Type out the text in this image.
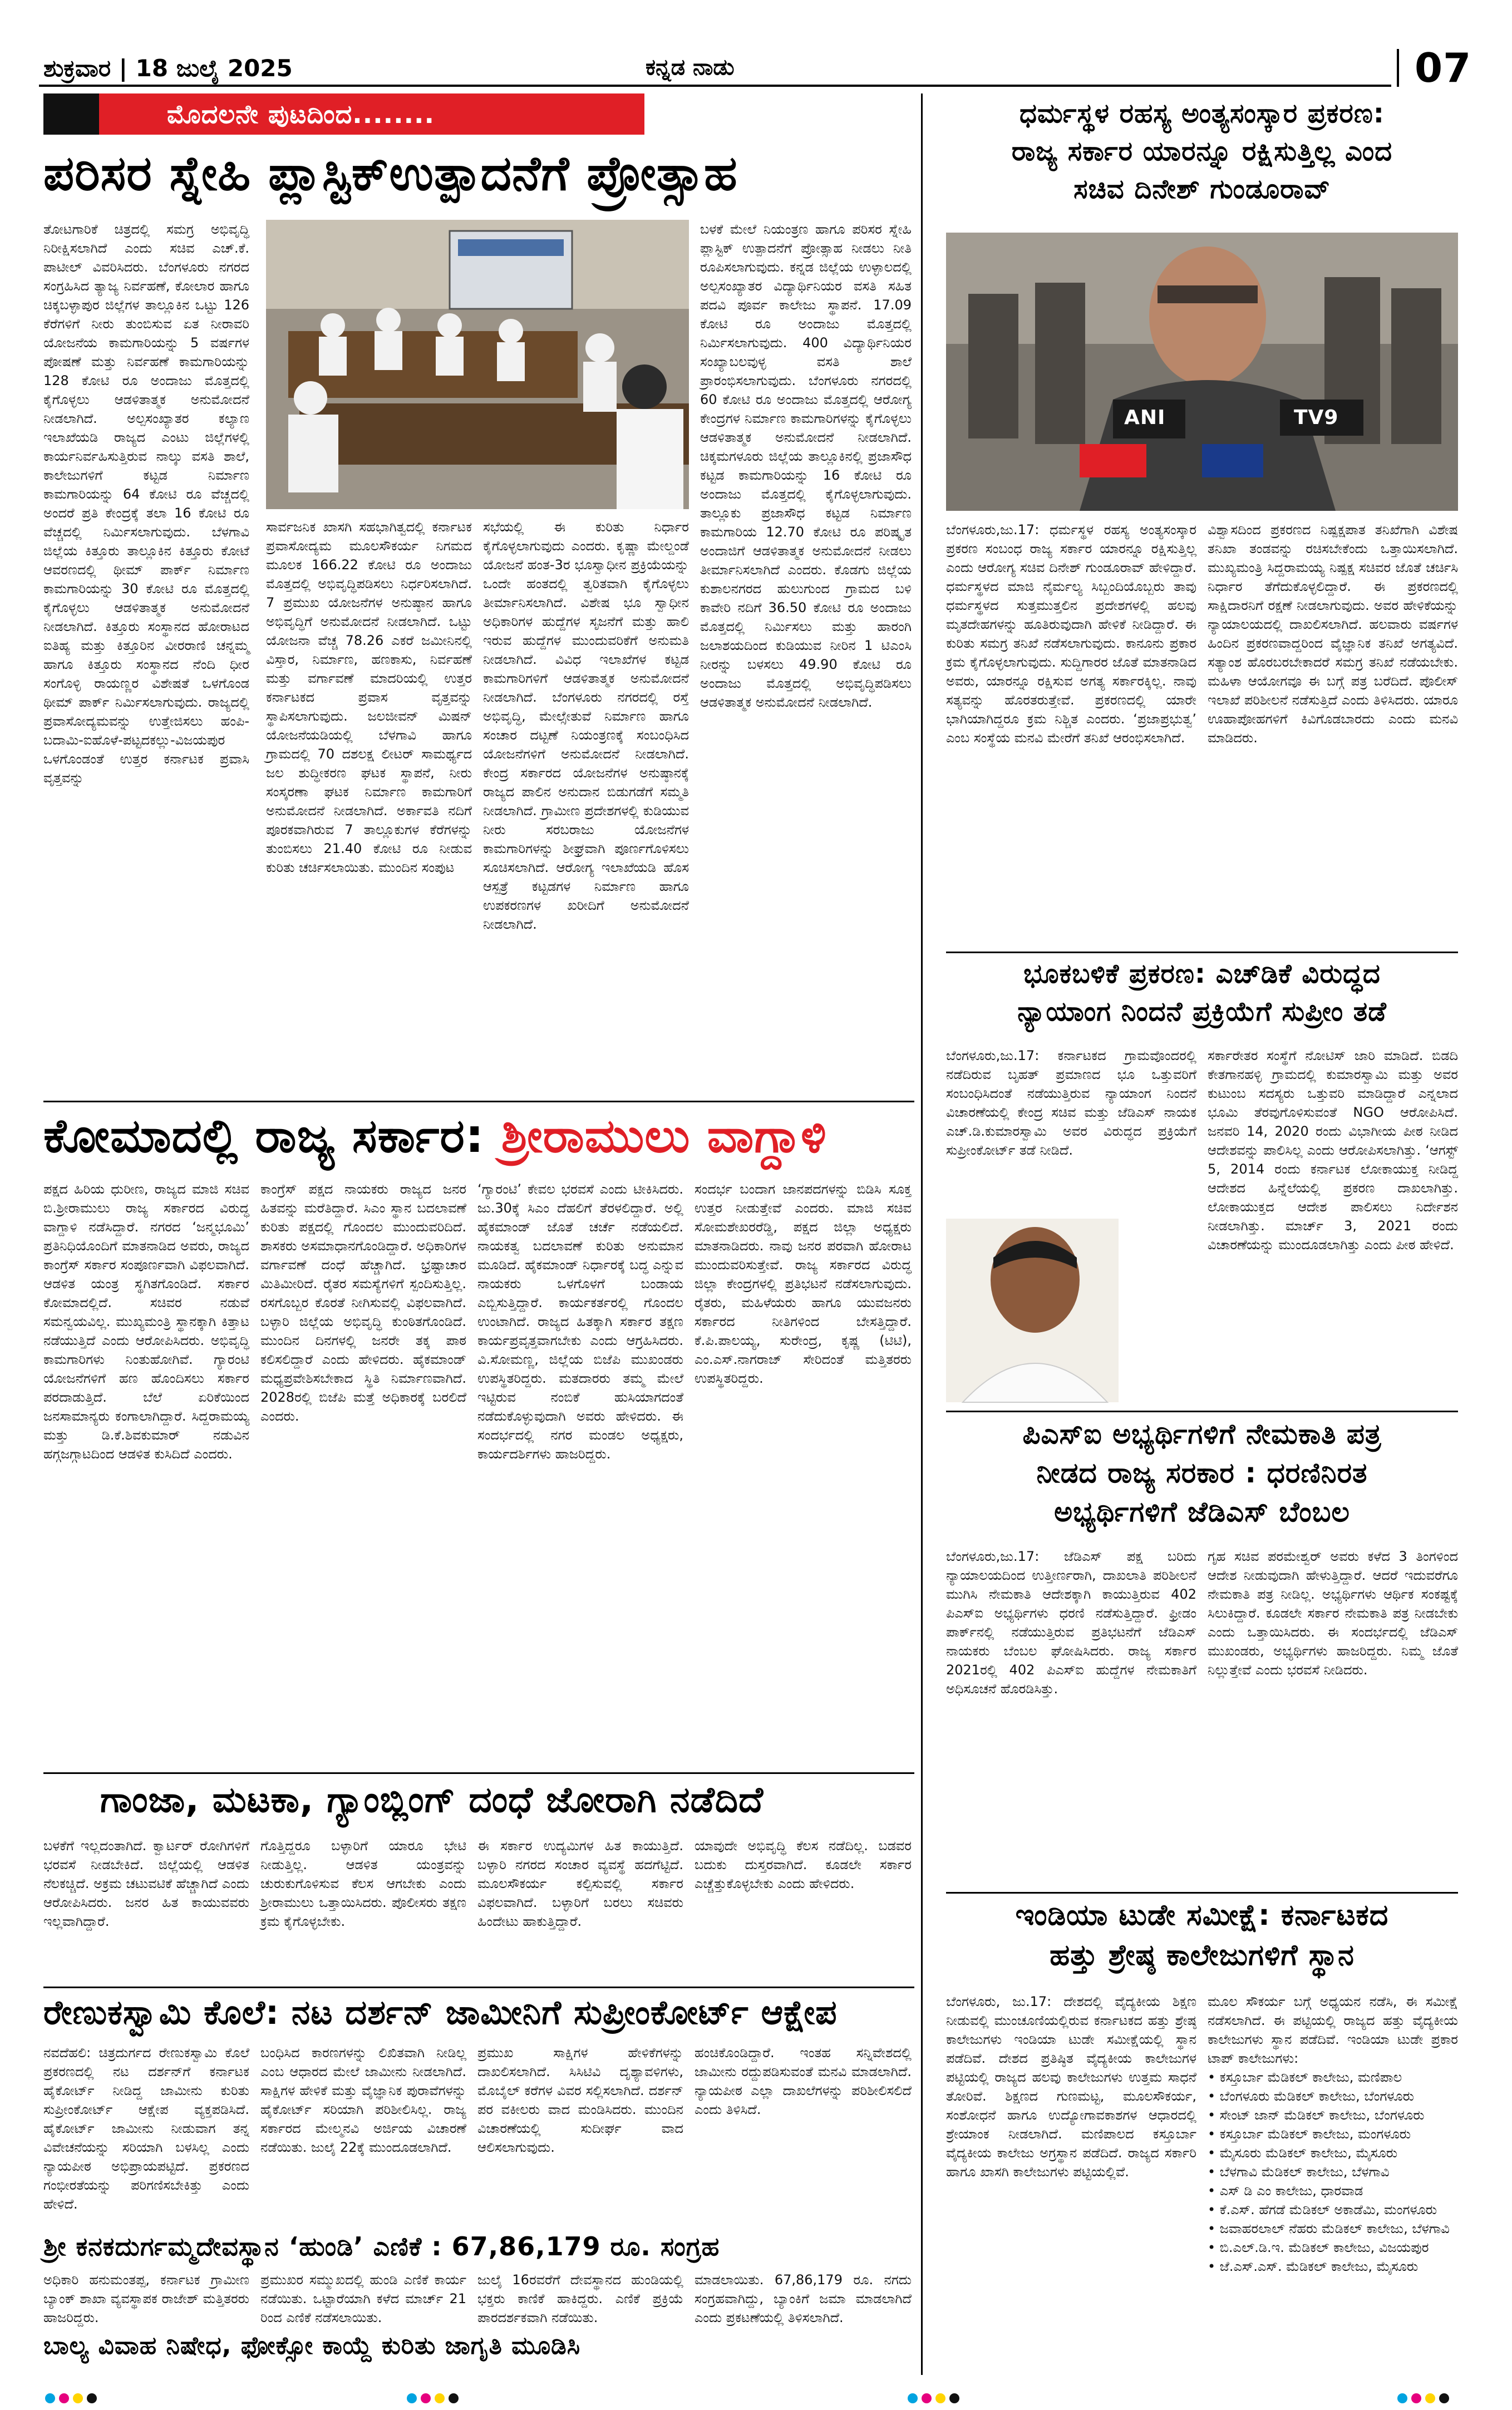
ಶುಕ್ರವಾರ | 18 ಜುಲೈ 2025	ಕನ್ನಡ ನಾಡು	07
ಮೊದಲನೇ ಪುಟದಿಂದ........
ಪರಿಸರ ಸ್ನೇಹಿ ಪ್ಲಾಸ್ಟಿಕ್‌ಉತ್ಪಾದನೆಗೆ ಪ್ರೋತ್ಸಾಹ
ತೋಟಗಾರಿಕೆ ಚಿತ್ರದಲ್ಲಿ ಸಮಗ್ರ ಅಭಿವೃದ್ಧಿ ನಿರೀಕ್ಷಿಸಲಾಗಿದೆ ಎಂದು ಸಚಿವ ಎಚ್.ಕೆ. ಪಾಟೀಲ್ ವಿವರಿಸಿದರು. ಬೆಂಗಳೂರು ನಗರದ ಸಂಗ್ರಹಿಸಿದ ತ್ಯಾಜ್ಯ ನಿರ್ವಹಣೆ, ಕೋಲಾರ ಹಾಗೂ ಚಿಕ್ಕಬಳ್ಳಾಪುರ ಜಿಲ್ಲೆಗಳ ತಾಲ್ಲೂಕಿನ ಒಟ್ಟು 126 ಕೆರೆಗಳಿಗೆ ನೀರು ತುಂಬಿಸುವ ಏತ ನೀರಾವರಿ ಯೋಜನೆಯ ಕಾಮಗಾರಿಯನ್ನು 5 ವರ್ಷಗಳ ಪೋಷಣೆ ಮತ್ತು ನಿರ್ವಹಣೆ ಕಾಮಗಾರಿಯನ್ನು 128 ಕೋಟಿ ರೂ ಅಂದಾಜು ಮೊತ್ತದಲ್ಲಿ ಕೈಗೊಳ್ಳಲು ಆಡಳಿತಾತ್ಮಕ ಅನುಮೋದನೆ ನೀಡಲಾಗಿದೆ. ಅಲ್ಪಸಂಖ್ಯಾತರ ಕಲ್ಯಾಣ ಇಲಾಖೆಯಡಿ ರಾಜ್ಯದ ಎಂಟು ಜಿಲ್ಲೆಗಳಲ್ಲಿ ಕಾರ್ಯನಿರ್ವಹಿಸುತ್ತಿರುವ ನಾಲ್ಕು ವಸತಿ ಶಾಲೆ, ಕಾಲೇಜುಗಳಿಗೆ ಕಟ್ಟಡ ನಿರ್ಮಾಣ ಕಾಮಗಾರಿಯನ್ನು 64 ಕೋಟಿ ರೂ ವೆಚ್ಚದಲ್ಲಿ ಅಂದರೆ ಪ್ರತಿ ಕೇಂದ್ರಕ್ಕೆ ತಲಾ 16 ಕೋಟಿ ರೂ ವೆಚ್ಚದಲ್ಲಿ ನಿರ್ಮಿಸಲಾಗುವುದು. ಬೆಳಗಾವಿ ಜಿಲ್ಲೆಯ ಕಿತ್ತೂರು ತಾಲ್ಲೂಕಿನ ಕಿತ್ತೂರು ಕೋಟೆ ಆವರಣದಲ್ಲಿ ಥೀಮ್ ಪಾರ್ಕ್ ನಿರ್ಮಾಣ ಕಾಮಗಾರಿಯನ್ನು 30 ಕೋಟಿ ರೂ ಮೊತ್ತದಲ್ಲಿ ಕೈಗೊಳ್ಳಲು ಆಡಳಿತಾತ್ಮಕ ಅನುಮೋದನೆ ನೀಡಲಾಗಿದೆ. ಕಿತ್ತೂರು ಸಂಸ್ಥಾನದ ಹೋರಾಟದ ಐತಿಹ್ಯ ಮತ್ತು ಕಿತ್ತೂರಿನ ವೀರರಾಣಿ ಚನ್ನಮ್ಮ ಹಾಗೂ ಕಿತ್ತೂರು ಸಂಸ್ಥಾನದ ನೆಂದಿ ಧೀರ ಸಂಗೊಳ್ಳಿ ರಾಯಣ್ಣರ ವಿಶೇಷತೆ ಒಳಗೊಂಡ ಥೀಮ್ ಪಾರ್ಕ್ ನಿರ್ಮಿಸಲಾಗುವುದು. ರಾಜ್ಯದಲ್ಲಿ ಪ್ರವಾಸೋದ್ಯಮವನ್ನು ಉತ್ತೇಜಿಸಲು ಹಂಪಿ-ಬದಾಮಿ-ಐಹೊಳೆ-ಪಟ್ಟದಕಲ್ಲು-ವಿಜಯಪುರ ಒಳಗೊಂಡಂತೆ ಉತ್ತರ ಕರ್ನಾಟಕ ಪ್ರವಾಸಿ ವೃತ್ತವನ್ನು
ಸಾರ್ವಜನಿಕ ಖಾಸಗಿ ಸಹಭಾಗಿತ್ವದಲ್ಲಿ ಕರ್ನಾಟಕ ಪ್ರವಾಸೋದ್ಯಮ ಮೂಲಸೌಕರ್ಯ ನಿಗಮದ ಮೂಲಕ 166.22 ಕೋಟಿ ರೂ ಅಂದಾಜು ಮೊತ್ತದಲ್ಲಿ ಅಭಿವೃದ್ಧಿಪಡಿಸಲು ನಿರ್ಧರಿಸಲಾಗಿದೆ. 7 ಪ್ರಮುಖ ಯೋಜನೆಗಳ ಅನುಷ್ಠಾನ ಹಾಗೂ ಅಭಿವೃದ್ಧಿಗೆ ಅನುಮೋದನೆ ನೀಡಲಾಗಿದೆ. ಒಟ್ಟು ಯೋಜನಾ ವೆಚ್ಚ 78.26 ಎಕರೆ ಜಮೀನಿನಲ್ಲಿ ವಿಸ್ತಾರ, ನಿರ್ಮಾಣ, ಹಣಕಾಸು, ನಿರ್ವಹಣೆ ಮತ್ತು ವರ್ಗಾವಣೆ ಮಾದರಿಯಲ್ಲಿ ಉತ್ತರ ಕರ್ನಾಟಕದ ಪ್ರವಾಸ ವೃತ್ತವನ್ನು ಸ್ಥಾಪಿಸಲಾಗುವುದು. ಜಲಜೀವನ್ ಮಿಷನ್ ಯೋಜನೆಯಡಿಯಲ್ಲಿ ಬೆಳಗಾವಿ ಹಾಗೂ ಗ್ರಾಮದಲ್ಲಿ 70 ದಶಲಕ್ಷ ಲೀಟರ್ ಸಾಮರ್ಥ್ಯದ ಜಲ ಶುದ್ಧೀಕರಣ ಘಟಕ ಸ್ಥಾಪನೆ, ನೀರು ಸಂಸ್ಕರಣಾ ಘಟಕ ನಿರ್ಮಾಣ ಕಾಮಗಾರಿಗೆ ಅನುಮೋದನೆ ನೀಡಲಾಗಿದೆ. ಅರ್ಕಾವತಿ ನದಿಗೆ ಪೂರಕವಾಗಿರುವ 7 ತಾಲ್ಲೂಕುಗಳ ಕೆರೆಗಳನ್ನು ತುಂಬಿಸಲು 21.40 ಕೋಟಿ ರೂ ನೀಡುವ ಕುರಿತು ಚರ್ಚಿಸಲಾಯಿತು. ಮುಂದಿನ ಸಂಪುಟ
ಸಭೆಯಲ್ಲಿ ಈ ಕುರಿತು ನಿರ್ಧಾರ ಕೈಗೊಳ್ಳಲಾಗುವುದು ಎಂದರು. ಕೃಷ್ಣಾ ಮೇಲ್ದಂಡೆ ಯೋಜನೆ ಹಂತ-3ರ ಭೂಸ್ವಾಧೀನ ಪ್ರಕ್ರಿಯೆಯನ್ನು ಒಂದೇ ಹಂತದಲ್ಲಿ ತ್ವರಿತವಾಗಿ ಕೈಗೊಳ್ಳಲು ತೀರ್ಮಾನಿಸಲಾಗಿದೆ. ವಿಶೇಷ ಭೂ ಸ್ವಾಧೀನ ಅಧಿಕಾರಿಗಳ ಹುದ್ದೆಗಳ ಸೃಜನೆಗೆ ಮತ್ತು ಹಾಲಿ ಇರುವ ಹುದ್ದೆಗಳ ಮುಂದುವರಿಕೆಗೆ ಅನುಮತಿ ನೀಡಲಾಗಿದೆ. ವಿವಿಧ ಇಲಾಖೆಗಳ ಕಟ್ಟಡ ಕಾಮಗಾರಿಗಳಿಗೆ ಆಡಳಿತಾತ್ಮಕ ಅನುಮೋದನೆ ನೀಡಲಾಗಿದೆ. ಬೆಂಗಳೂರು ನಗರದಲ್ಲಿ ರಸ್ತೆ ಅಭಿವೃದ್ಧಿ, ಮೇಲ್ಸೇತುವೆ ನಿರ್ಮಾಣ ಹಾಗೂ ಸಂಚಾರ ದಟ್ಟಣೆ ನಿಯಂತ್ರಣಕ್ಕೆ ಸಂಬಂಧಿಸಿದ ಯೋಜನೆಗಳಿಗೆ ಅನುಮೋದನೆ ನೀಡಲಾಗಿದೆ. ಕೇಂದ್ರ ಸರ್ಕಾರದ ಯೋಜನೆಗಳ ಅನುಷ್ಠಾನಕ್ಕೆ ರಾಜ್ಯದ ಪಾಲಿನ ಅನುದಾನ ಬಿಡುಗಡೆಗೆ ಸಮ್ಮತಿ ನೀಡಲಾಗಿದೆ. ಗ್ರಾಮೀಣ ಪ್ರದೇಶಗಳಲ್ಲಿ ಕುಡಿಯುವ ನೀರು ಸರಬರಾಜು ಯೋಜನೆಗಳ ಕಾಮಗಾರಿಗಳನ್ನು ಶೀಘ್ರವಾಗಿ ಪೂರ್ಣಗೊಳಿಸಲು ಸೂಚಿಸಲಾಗಿದೆ. ಆರೋಗ್ಯ ಇಲಾಖೆಯಡಿ ಹೊಸ ಆಸ್ಪತ್ರೆ ಕಟ್ಟಡಗಳ ನಿರ್ಮಾಣ ಹಾಗೂ ಉಪಕರಣಗಳ ಖರೀದಿಗೆ ಅನುಮೋದನೆ ನೀಡಲಾಗಿದೆ.
ಬಳಕೆ ಮೇಲೆ ನಿಯಂತ್ರಣ ಹಾಗೂ ಪರಿಸರ ಸ್ನೇಹಿ ಪ್ಲಾಸ್ಟಿಕ್ ಉತ್ಪಾದನೆಗೆ ಪ್ರೋತ್ಸಾಹ ನೀಡಲು ನೀತಿ ರೂಪಿಸಲಾಗುವುದು. ಕನ್ನಡ ಜಿಲ್ಲೆಯ ಉಳ್ಳಾಲದಲ್ಲಿ ಅಲ್ಪಸಂಖ್ಯಾತರ ವಿದ್ಯಾರ್ಥಿನಿಯರ ವಸತಿ ಸಹಿತ ಪದವಿ ಪೂರ್ವ ಕಾಲೇಜು ಸ್ಥಾಪನೆ. 17.09 ಕೋಟಿ ರೂ ಅಂದಾಜು ಮೊತ್ತದಲ್ಲಿ ನಿರ್ಮಿಸಲಾಗುವುದು. 400 ವಿದ್ಯಾರ್ಥಿನಿಯರ ಸಂಖ್ಯಾಬಲವುಳ್ಳ ವಸತಿ ಶಾಲೆ ಪ್ರಾರಂಭಿಸಲಾಗುವುದು. ಬೆಂಗಳೂರು ನಗರದಲ್ಲಿ 60 ಕೋಟಿ ರೂ ಅಂದಾಜು ಮೊತ್ತದಲ್ಲಿ ಆರೋಗ್ಯ ಕೇಂದ್ರಗಳ ನಿರ್ಮಾಣ ಕಾಮಗಾರಿಗಳನ್ನು ಕೈಗೊಳ್ಳಲು ಆಡಳಿತಾತ್ಮಕ ಅನುಮೋದನೆ ನೀಡಲಾಗಿದೆ. ಚಿಕ್ಕಮಗಳೂರು ಜಿಲ್ಲೆಯ ತಾಲ್ಲೂಕಿನಲ್ಲಿ ಪ್ರಜಾಸೌಧ ಕಟ್ಟಡ ಕಾಮಗಾರಿಯನ್ನು 16 ಕೋಟಿ ರೂ ಅಂದಾಜು ಮೊತ್ತದಲ್ಲಿ ಕೈಗೊಳ್ಳಲಾಗುವುದು. ತಾಲ್ಲೂಕು ಪ್ರಜಾಸೌಧ ಕಟ್ಟಡ ನಿರ್ಮಾಣ ಕಾಮಗಾರಿಯ 12.70 ಕೋಟಿ ರೂ ಪರಿಷ್ಕೃತ ಅಂದಾಜಿಗೆ ಆಡಳಿತಾತ್ಮಕ ಅನುಮೋದನೆ ನೀಡಲು ತೀರ್ಮಾನಿಸಲಾಗಿದೆ ಎಂದರು. ಕೊಡಗು ಜಿಲ್ಲೆಯ ಕುಶಾಲನಗರದ ಹುಲುಗುಂದ ಗ್ರಾಮದ ಬಳಿ ಕಾವೇರಿ ನದಿಗೆ 36.50 ಕೋಟಿ ರೂ ಅಂದಾಜು ಮೊತ್ತದಲ್ಲಿ ನಿರ್ಮಿಸಲು ಮತ್ತು ಹಾರಂಗಿ ಜಲಾಶಯದಿಂದ ಕುಡಿಯುವ ನೀರಿನ 1 ಟಿಎಂಸಿ ನೀರನ್ನು ಬಳಸಲು 49.90 ಕೋಟಿ ರೂ ಅಂದಾಜು ಮೊತ್ತದಲ್ಲಿ ಅಭಿವೃದ್ಧಿಪಡಿಸಲು ಆಡಳಿತಾತ್ಮಕ ಅನುಮೋದನೆ ನೀಡಲಾಗಿದೆ.
ಕೋಮಾದಲ್ಲಿ ರಾಜ್ಯ ಸರ್ಕಾರ: ಶ್ರೀರಾಮುಲು ವಾಗ್ದಾಳಿ
ಪಕ್ಷದ ಹಿರಿಯ ಧುರೀಣ, ರಾಜ್ಯದ ಮಾಜಿ ಸಚಿವ ಬಿ.ಶ್ರೀರಾಮುಲು ರಾಜ್ಯ ಸರ್ಕಾರದ ವಿರುದ್ಧ ವಾಗ್ದಾಳಿ ನಡೆಸಿದ್ದಾರೆ. ನಗರದ ‘ಜನ್ಮಭೂಮಿ’ ಪ್ರತಿನಿಧಿಯೊಂದಿಗೆ ಮಾತನಾಡಿದ ಅವರು, ರಾಜ್ಯದ ಕಾಂಗ್ರೆಸ್ ಸರ್ಕಾರ ಸಂಪೂರ್ಣವಾಗಿ ವಿಫಲವಾಗಿದೆ. ಆಡಳಿತ ಯಂತ್ರ ಸ್ಥಗಿತಗೊಂಡಿದೆ. ಸರ್ಕಾರ ಕೋಮಾದಲ್ಲಿದೆ. ಸಚಿವರ ನಡುವೆ ಸಮನ್ವಯವಿಲ್ಲ. ಮುಖ್ಯಮಂತ್ರಿ ಸ್ಥಾನಕ್ಕಾಗಿ ಕಿತ್ತಾಟ ನಡೆಯುತ್ತಿದೆ ಎಂದು ಆರೋಪಿಸಿದರು. ಅಭಿವೃದ್ಧಿ ಕಾಮಗಾರಿಗಳು ನಿಂತುಹೋಗಿವೆ. ಗ್ಯಾರಂಟಿ ಯೋಜನೆಗಳಿಗೆ ಹಣ ಹೊಂದಿಸಲು ಸರ್ಕಾರ ಪರದಾಡುತ್ತಿದೆ. ಬೆಲೆ ಏರಿಕೆಯಿಂದ ಜನಸಾಮಾನ್ಯರು ಕಂಗಾಲಾಗಿದ್ದಾರೆ. ಸಿದ್ದರಾಮಯ್ಯ ಮತ್ತು ಡಿ.ಕೆ.ಶಿವಕುಮಾರ್ ನಡುವಿನ ಹಗ್ಗಜಗ್ಗಾಟದಿಂದ ಆಡಳಿತ ಕುಸಿದಿದೆ ಎಂದರು.
ಕಾಂಗ್ರೆಸ್ ಪಕ್ಷದ ನಾಯಕರು ರಾಜ್ಯದ ಜನರ ಹಿತವನ್ನು ಮರೆತಿದ್ದಾರೆ. ಸಿಎಂ ಸ್ಥಾನ ಬದಲಾವಣೆ ಕುರಿತು ಪಕ್ಷದಲ್ಲಿ ಗೊಂದಲ ಮುಂದುವರಿದಿದೆ. ಶಾಸಕರು ಅಸಮಾಧಾನಗೊಂಡಿದ್ದಾರೆ. ಅಧಿಕಾರಿಗಳ ವರ್ಗಾವಣೆ ದಂಧೆ ಹೆಚ್ಚಾಗಿದೆ. ಭ್ರಷ್ಟಾಚಾರ ಮಿತಿಮೀರಿದೆ. ರೈತರ ಸಮಸ್ಯೆಗಳಿಗೆ ಸ್ಪಂದಿಸುತ್ತಿಲ್ಲ. ರಸಗೊಬ್ಬರ ಕೊರತೆ ನೀಗಿಸುವಲ್ಲಿ ವಿಫಲವಾಗಿದೆ. ಬಳ್ಳಾರಿ ಜಿಲ್ಲೆಯ ಅಭಿವೃದ್ಧಿ ಕುಂಠಿತಗೊಂಡಿದೆ. ಮುಂದಿನ ದಿನಗಳಲ್ಲಿ ಜನರೇ ತಕ್ಕ ಪಾಠ ಕಲಿಸಲಿದ್ದಾರೆ ಎಂದು ಹೇಳಿದರು. ಹೈಕಮಾಂಡ್ ಮಧ್ಯಪ್ರವೇಶಿಸಬೇಕಾದ ಸ್ಥಿತಿ ನಿರ್ಮಾಣವಾಗಿದೆ. 2028ರಲ್ಲಿ ಬಿಜೆಪಿ ಮತ್ತೆ ಅಧಿಕಾರಕ್ಕೆ ಬರಲಿದೆ ಎಂದರು.
‘ಗ್ಯಾರಂಟಿ’ ಕೇವಲ ಭರವಸೆ ಎಂದು ಟೀಕಿಸಿದರು. ಜು.30ಕ್ಕೆ ಸಿಎಂ ದೆಹಲಿಗೆ ತೆರಳಲಿದ್ದಾರೆ. ಅಲ್ಲಿ ಹೈಕಮಾಂಡ್ ಜೊತೆ ಚರ್ಚೆ ನಡೆಯಲಿದೆ. ನಾಯಕತ್ವ ಬದಲಾವಣೆ ಕುರಿತು ಅನುಮಾನ ಮೂಡಿದೆ. ಹೈಕಮಾಂಡ್ ನಿರ್ಧಾರಕ್ಕೆ ಬದ್ಧ ಎನ್ನುವ ನಾಯಕರು ಒಳಗೊಳಗೆ ಬಂಡಾಯ ಎಬ್ಬಿಸುತ್ತಿದ್ದಾರೆ. ಕಾರ್ಯಕರ್ತರಲ್ಲಿ ಗೊಂದಲ ಉಂಟಾಗಿದೆ. ರಾಜ್ಯದ ಹಿತಕ್ಕಾಗಿ ಸರ್ಕಾರ ತಕ್ಷಣ ಕಾರ್ಯಪ್ರವೃತ್ತವಾಗಬೇಕು ಎಂದು ಆಗ್ರಹಿಸಿದರು. ವಿ.ಸೋಮಣ್ಣ, ಜಿಲ್ಲೆಯ ಬಿಜೆಪಿ ಮುಖಂಡರು ಉಪಸ್ಥಿತರಿದ್ದರು. ಮತದಾರರು ತಮ್ಮ ಮೇಲೆ ಇಟ್ಟಿರುವ ನಂಬಿಕೆ ಹುಸಿಯಾಗದಂತೆ ನಡೆದುಕೊಳ್ಳುವುದಾಗಿ ಅವರು ಹೇಳಿದರು. ಈ ಸಂದರ್ಭದಲ್ಲಿ ನಗರ ಮಂಡಲ ಅಧ್ಯಕ್ಷರು, ಕಾರ್ಯದರ್ಶಿಗಳು ಹಾಜರಿದ್ದರು.
ಸಂದರ್ಭ ಬಂದಾಗ ಜಾನಪದಗಳನ್ನು ಬಿಡಿಸಿ ಸೂಕ್ತ ಉತ್ತರ ನೀಡುತ್ತೇವೆ ಎಂದರು. ಮಾಜಿ ಸಚಿವ ಸೋಮಶೇಖರರೆಡ್ಡಿ, ಪಕ್ಷದ ಜಿಲ್ಲಾ ಅಧ್ಯಕ್ಷರು ಮಾತನಾಡಿದರು. ನಾವು ಜನರ ಪರವಾಗಿ ಹೋರಾಟ ಮುಂದುವರಿಸುತ್ತೇವೆ. ರಾಜ್ಯ ಸರ್ಕಾರದ ವಿರುದ್ಧ ಜಿಲ್ಲಾ ಕೇಂದ್ರಗಳಲ್ಲಿ ಪ್ರತಿಭಟನೆ ನಡೆಸಲಾಗುವುದು. ರೈತರು, ಮಹಿಳೆಯರು ಹಾಗೂ ಯುವಜನರು ಸರ್ಕಾರದ ನೀತಿಗಳಿಂದ ಬೇಸತ್ತಿದ್ದಾರೆ. ಕೆ.ಪಿ.ಪಾಲಯ್ಯ, ಸುರೇಂದ್ರ, ಕೃಷ್ಣ (ಟಿಟಿ), ಎಂ.ಎಸ್.ನಾಗರಾಜ್ ಸೇರಿದಂತೆ ಮತ್ತಿತರರು ಉಪಸ್ಥಿತರಿದ್ದರು.
ಗಾಂಜಾ, ಮಟಕಾ, ಗ್ಯಾಂಬ್ಲಿಂಗ್ ದಂಧೆ ಜೋರಾಗಿ ನಡೆದಿದೆ
ಬಳಕೆಗೆ ಇಲ್ಲದಂತಾಗಿದೆ. ಕ್ವಾರ್ಟರ್ ರೋಗಿಗಳಿಗೆ ಭರವಸೆ ನೀಡಬೇಕಿದೆ. ಜಿಲ್ಲೆಯಲ್ಲಿ ಆಡಳಿತ ನೆಲಕಚ್ಚಿದೆ. ಅಕ್ರಮ ಚಟುವಟಿಕೆ ಹೆಚ್ಚಾಗಿದೆ ಎಂದು ಆರೋಪಿಸಿದರು. ಜನರ ಹಿತ ಕಾಯುವವರು ಇಲ್ಲವಾಗಿದ್ದಾರೆ.
ಗೊತ್ತಿದ್ದರೂ ಬಳ್ಳಾರಿಗೆ ಯಾರೂ ಭೇಟಿ ನೀಡುತ್ತಿಲ್ಲ. ಆಡಳಿತ ಯಂತ್ರವನ್ನು ಚುರುಕುಗೊಳಿಸುವ ಕೆಲಸ ಆಗಬೇಕು ಎಂದು ಶ್ರೀರಾಮುಲು ಒತ್ತಾಯಿಸಿದರು. ಪೊಲೀಸರು ತಕ್ಷಣ ಕ್ರಮ ಕೈಗೊಳ್ಳಬೇಕು.
ಈ ಸರ್ಕಾರ ಉದ್ಯಮಿಗಳ ಹಿತ ಕಾಯುತ್ತಿದೆ. ಬಳ್ಳಾರಿ ನಗರದ ಸಂಚಾರ ವ್ಯವಸ್ಥೆ ಹದಗೆಟ್ಟಿದೆ. ಮೂಲಸೌಕರ್ಯ ಕಲ್ಪಿಸುವಲ್ಲಿ ಸರ್ಕಾರ ವಿಫಲವಾಗಿದೆ. ಬಳ್ಳಾರಿಗೆ ಬರಲು ಸಚಿವರು ಹಿಂದೇಟು ಹಾಕುತ್ತಿದ್ದಾರೆ.
ಯಾವುದೇ ಅಭಿವೃದ್ಧಿ ಕೆಲಸ ನಡೆದಿಲ್ಲ. ಬಡವರ ಬದುಕು ದುಸ್ತರವಾಗಿದೆ. ಕೂಡಲೇ ಸರ್ಕಾರ ಎಚ್ಚೆತ್ತುಕೊಳ್ಳಬೇಕು ಎಂದು ಹೇಳಿದರು.
ರೇಣುಕಸ್ವಾಮಿ ಕೊಲೆ: ನಟ ದರ್ಶನ್ ಜಾಮೀನಿಗೆ ಸುಪ್ರೀಂಕೋರ್ಟ್ ಆಕ್ಷೇಪ
ನವದೆಹಲಿ: ಚಿತ್ರದುರ್ಗದ ರೇಣುಕಸ್ವಾಮಿ ಕೊಲೆ ಪ್ರಕರಣದಲ್ಲಿ ನಟ ದರ್ಶನ್‌ಗೆ ಕರ್ನಾಟಕ ಹೈಕೋರ್ಟ್ ನೀಡಿದ್ದ ಜಾಮೀನು ಕುರಿತು ಸುಪ್ರೀಂಕೋರ್ಟ್ ಆಕ್ಷೇಪ ವ್ಯಕ್ತಪಡಿಸಿದೆ. ಹೈಕೋರ್ಟ್ ಜಾಮೀನು ನೀಡುವಾಗ ತನ್ನ ವಿವೇಚನೆಯನ್ನು ಸರಿಯಾಗಿ ಬಳಸಿಲ್ಲ ಎಂದು ನ್ಯಾಯಪೀಠ ಅಭಿಪ್ರಾಯಪಟ್ಟಿದೆ. ಪ್ರಕರಣದ ಗಂಭೀರತೆಯನ್ನು ಪರಿಗಣಿಸಬೇಕಿತ್ತು ಎಂದು ಹೇಳಿದೆ.
ಬಂಧಿಸಿದ ಕಾರಣಗಳನ್ನು ಲಿಖಿತವಾಗಿ ನೀಡಿಲ್ಲ ಎಂಬ ಆಧಾರದ ಮೇಲೆ ಜಾಮೀನು ನೀಡಲಾಗಿದೆ. ಸಾಕ್ಷಿಗಳ ಹೇಳಿಕೆ ಮತ್ತು ವೈಜ್ಞಾನಿಕ ಪುರಾವೆಗಳನ್ನು ಹೈಕೋರ್ಟ್ ಸರಿಯಾಗಿ ಪರಿಶೀಲಿಸಿಲ್ಲ. ರಾಜ್ಯ ಸರ್ಕಾರದ ಮೇಲ್ಮನವಿ ಅರ್ಜಿಯ ವಿಚಾರಣೆ ನಡೆಯಿತು. ಜುಲೈ 22ಕ್ಕೆ ಮುಂದೂಡಲಾಗಿದೆ.
ಪ್ರಮುಖ ಸಾಕ್ಷಿಗಳ ಹೇಳಿಕೆಗಳನ್ನು ದಾಖಲಿಸಲಾಗಿದೆ. ಸಿಸಿಟಿವಿ ದೃಶ್ಯಾವಳಿಗಳು, ಮೊಬೈಲ್ ಕರೆಗಳ ವಿವರ ಸಲ್ಲಿಸಲಾಗಿದೆ. ದರ್ಶನ್ ಪರ ವಕೀಲರು ವಾದ ಮಂಡಿಸಿದರು. ಮುಂದಿನ ವಿಚಾರಣೆಯಲ್ಲಿ ಸುದೀರ್ಘ ವಾದ ಆಲಿಸಲಾಗುವುದು.
ಹಂಚಿಕೊಂಡಿದ್ದಾರೆ. ಇಂತಹ ಸನ್ನಿವೇಶದಲ್ಲಿ ಜಾಮೀನು ರದ್ದುಪಡಿಸುವಂತೆ ಮನವಿ ಮಾಡಲಾಗಿದೆ. ನ್ಯಾಯಪೀಠ ಎಲ್ಲಾ ದಾಖಲೆಗಳನ್ನು ಪರಿಶೀಲಿಸಲಿದೆ ಎಂದು ತಿಳಿಸಿದೆ.
ಶ್ರೀ ಕನಕದುರ್ಗಮ್ಮದೇವಸ್ಥಾನ ‘ಹುಂಡಿ’ ಎಣಿಕೆ : 67,86,179 ರೂ. ಸಂಗ್ರಹ
ಅಧಿಕಾರಿ ಹನುಮಂತಪ್ಪ, ಕರ್ನಾಟಕ ಗ್ರಾಮೀಣ ಬ್ಯಾಂಕ್ ಶಾಖಾ ವ್ಯವಸ್ಥಾಪಕ ರಾಜೇಶ್ ಮತ್ತಿತರರು ಹಾಜರಿದ್ದರು.
ಪ್ರಮುಖರ ಸಮ್ಮುಖದಲ್ಲಿ ಹುಂಡಿ ಎಣಿಕೆ ಕಾರ್ಯ ನಡೆಯಿತು. ಒಟ್ಟಾರೆಯಾಗಿ ಕಳೆದ ಮಾರ್ಚ್ 21 ರಿಂದ ಎಣಿಕೆ ನಡೆಸಲಾಯಿತು.
ಜುಲೈ 16ರವರೆಗೆ ದೇವಸ್ಥಾನದ ಹುಂಡಿಯಲ್ಲಿ ಭಕ್ತರು ಕಾಣಿಕೆ ಹಾಕಿದ್ದರು. ಎಣಿಕೆ ಪ್ರಕ್ರಿಯೆ ಪಾರದರ್ಶಕವಾಗಿ ನಡೆಯಿತು.
ಮಾಡಲಾಯಿತು. 67,86,179 ರೂ. ನಗದು ಸಂಗ್ರಹವಾಗಿದ್ದು, ಬ್ಯಾಂಕಿಗೆ ಜಮಾ ಮಾಡಲಾಗಿದೆ ಎಂದು ಪ್ರಕಟಣೆಯಲ್ಲಿ ತಿಳಿಸಲಾಗಿದೆ.
ಬಾಲ್ಯ ವಿವಾಹ ನಿಷೇಧ, ಫೋಕ್ಸೋ ಕಾಯ್ದೆ ಕುರಿತು ಜಾಗೃತಿ ಮೂಡಿಸಿ
ಧರ್ಮಸ್ಥಳ ರಹಸ್ಯ ಅಂತ್ಯಸಂಸ್ಕಾರ ಪ್ರಕರಣ:
ರಾಜ್ಯ ಸರ್ಕಾರ ಯಾರನ್ನೂ ರಕ್ಷಿಸುತ್ತಿಲ್ಲ ಎಂದ
ಸಚಿವ ದಿನೇಶ್ ಗುಂಡೂರಾವ್
ANI	TV9
ಬೆಂಗಳೂರು,ಜು.17: ಧರ್ಮಸ್ಥಳ ರಹಸ್ಯ ಅಂತ್ಯಸಂಸ್ಕಾರ ಪ್ರಕರಣ ಸಂಬಂಧ ರಾಜ್ಯ ಸರ್ಕಾರ ಯಾರನ್ನೂ ರಕ್ಷಿಸುತ್ತಿಲ್ಲ ಎಂದು ಆರೋಗ್ಯ ಸಚಿವ ದಿನೇಶ್ ಗುಂಡೂರಾವ್ ಹೇಳಿದ್ದಾರೆ. ಧರ್ಮಸ್ಥಳದ ಮಾಜಿ ನೈರ್ಮಲ್ಯ ಸಿಬ್ಬಂದಿಯೊಬ್ಬರು ತಾವು ಧರ್ಮಸ್ಥಳದ ಸುತ್ತಮುತ್ತಲಿನ ಪ್ರದೇಶಗಳಲ್ಲಿ ಹಲವು ಮೃತದೇಹಗಳನ್ನು ಹೂತಿರುವುದಾಗಿ ಹೇಳಿಕೆ ನೀಡಿದ್ದಾರೆ. ಈ ಕುರಿತು ಸಮಗ್ರ ತನಿಖೆ ನಡೆಸಲಾಗುವುದು. ಕಾನೂನು ಪ್ರಕಾರ ಕ್ರಮ ಕೈಗೊಳ್ಳಲಾಗುವುದು. ಸುದ್ದಿಗಾರರ ಜೊತೆ ಮಾತನಾಡಿದ ಅವರು, ಯಾರನ್ನೂ ರಕ್ಷಿಸುವ ಅಗತ್ಯ ಸರ್ಕಾರಕ್ಕಿಲ್ಲ. ನಾವು ಸತ್ಯವನ್ನು ಹೊರತರುತ್ತೇವೆ. ಪ್ರಕರಣದಲ್ಲಿ ಯಾರೇ ಭಾಗಿಯಾಗಿದ್ದರೂ ಕ್ರಮ ನಿಶ್ಚಿತ ಎಂದರು. ‘ಪ್ರಜಾಪ್ರಭುತ್ವ’ ಎಂಬ ಸಂಸ್ಥೆಯ ಮನವಿ ಮೇರೆಗೆ ತನಿಖೆ ಆರಂಭಿಸಲಾಗಿದೆ.
ವಿಶ್ವಾಸದಿಂದ ಪ್ರಕರಣದ ನಿಷ್ಪಕ್ಷಪಾತ ತನಿಖೆಗಾಗಿ ವಿಶೇಷ ತನಿಖಾ ತಂಡವನ್ನು ರಚಿಸಬೇಕೆಂದು ಒತ್ತಾಯಿಸಲಾಗಿದೆ. ಮುಖ್ಯಮಂತ್ರಿ ಸಿದ್ದರಾಮಯ್ಯ ನಿಷ್ಪಕ್ಷ ಸಚಿವರ ಜೊತೆ ಚರ್ಚಿಸಿ ನಿರ್ಧಾರ ತೆಗೆದುಕೊಳ್ಳಲಿದ್ದಾರೆ. ಈ ಪ್ರಕರಣದಲ್ಲಿ ಸಾಕ್ಷಿದಾರನಿಗೆ ರಕ್ಷಣೆ ನೀಡಲಾಗುವುದು. ಅವರ ಹೇಳಿಕೆಯನ್ನು ನ್ಯಾಯಾಲಯದಲ್ಲಿ ದಾಖಲಿಸಲಾಗಿದೆ. ಹಲವಾರು ವರ್ಷಗಳ ಹಿಂದಿನ ಪ್ರಕರಣವಾದ್ದರಿಂದ ವೈಜ್ಞಾನಿಕ ತನಿಖೆ ಅಗತ್ಯವಿದೆ. ಸತ್ಯಾಂಶ ಹೊರಬರಬೇಕಾದರೆ ಸಮಗ್ರ ತನಿಖೆ ನಡೆಯಬೇಕು. ಮಹಿಳಾ ಆಯೋಗವೂ ಈ ಬಗ್ಗೆ ಪತ್ರ ಬರೆದಿದೆ. ಪೊಲೀಸ್ ಇಲಾಖೆ ಪರಿಶೀಲನೆ ನಡೆಸುತ್ತಿದೆ ಎಂದು ತಿಳಿಸಿದರು. ಯಾರೂ ಊಹಾಪೋಹಗಳಿಗೆ ಕಿವಿಗೊಡಬಾರದು ಎಂದು ಮನವಿ ಮಾಡಿದರು.
ಭೂಕಬಳಿಕೆ ಪ್ರಕರಣ: ಎಚ್‌ಡಿಕೆ ವಿರುದ್ಧದ
ನ್ಯಾಯಾಂಗ ನಿಂದನೆ ಪ್ರಕ್ರಿಯೆಗೆ ಸುಪ್ರೀಂ ತಡೆ
ಬೆಂಗಳೂರು,ಜು.17: ಕರ್ನಾಟಕದ ಗ್ರಾಮವೊಂದರಲ್ಲಿ ನಡೆದಿರುವ ಬೃಹತ್ ಪ್ರಮಾಣದ ಭೂ ಒತ್ತುವರಿಗೆ ಸಂಬಂಧಿಸಿದಂತೆ ನಡೆಯುತ್ತಿರುವ ನ್ಯಾಯಾಂಗ ನಿಂದನೆ ವಿಚಾರಣೆಯಲ್ಲಿ ಕೇಂದ್ರ ಸಚಿವ ಮತ್ತು ಜೆಡಿಎಸ್ ನಾಯಕ ಎಚ್.ಡಿ.ಕುಮಾರಸ್ವಾಮಿ ಅವರ ವಿರುದ್ಧದ ಪ್ರಕ್ರಿಯೆಗೆ ಸುಪ್ರೀಂಕೋರ್ಟ್ ತಡೆ ನೀಡಿದೆ.
ಸರ್ಕಾರೇತರ ಸಂಸ್ಥೆಗೆ ನೋಟಿಸ್ ಜಾರಿ ಮಾಡಿದೆ. ಬಿಡದಿ ಕೇತಗಾನಹಳ್ಳಿ ಗ್ರಾಮದಲ್ಲಿ ಕುಮಾರಸ್ವಾಮಿ ಮತ್ತು ಅವರ ಕುಟುಂಬ ಸದಸ್ಯರು ಒತ್ತುವರಿ ಮಾಡಿದ್ದಾರೆ ಎನ್ನಲಾದ ಭೂಮಿ ತೆರವುಗೊಳಿಸುವಂತೆ NGO ಆರೋಪಿಸಿದೆ. ಜನವರಿ 14, 2020 ರಂದು ವಿಭಾಗೀಯ ಪೀಠ ನೀಡಿದ ಆದೇಶವನ್ನು ಪಾಲಿಸಿಲ್ಲ ಎಂದು ಆರೋಪಿಸಲಾಗಿತ್ತು. ‘ಆಗಸ್ಟ್ 5, 2014 ರಂದು ಕರ್ನಾಟಕ ಲೋಕಾಯುಕ್ತ ನೀಡಿದ್ದ ಆದೇಶದ ಹಿನ್ನೆಲೆಯಲ್ಲಿ ಪ್ರಕರಣ ದಾಖಲಾಗಿತ್ತು. ಲೋಕಾಯುಕ್ತದ ಆದೇಶ ಪಾಲಿಸಲು ನಿರ್ದೇಶನ ನೀಡಲಾಗಿತ್ತು. ಮಾರ್ಚ್ 3, 2021 ರಂದು ವಿಚಾರಣೆಯನ್ನು ಮುಂದೂಡಲಾಗಿತ್ತು ಎಂದು ಪೀಠ ಹೇಳಿದೆ.
ಪಿಎಸ್‌ಐ ಅಭ್ಯರ್ಥಿಗಳಿಗೆ ನೇಮಕಾತಿ ಪತ್ರ
ನೀಡದ ರಾಜ್ಯ ಸರಕಾರ : ಧರಣಿನಿರತ
ಅಭ್ಯರ್ಥಿಗಳಿಗೆ ಜೆಡಿಎಸ್ ಬೆಂಬಲ
ಬೆಂಗಳೂರು,ಜು.17: ಜೆಡಿಎಸ್ ಪಕ್ಷ ಬರಿದು ನ್ಯಾಯಾಲಯದಿಂದ ಉತ್ತೀರ್ಣರಾಗಿ, ದಾಖಲಾತಿ ಪರಿಶೀಲನೆ ಮುಗಿಸಿ ನೇಮಕಾತಿ ಆದೇಶಕ್ಕಾಗಿ ಕಾಯುತ್ತಿರುವ 402 ಪಿಎಸ್‌ಐ ಅಭ್ಯರ್ಥಿಗಳು ಧರಣಿ ನಡೆಸುತ್ತಿದ್ದಾರೆ. ಫ್ರೀಡಂ ಪಾರ್ಕ್‌ನಲ್ಲಿ ನಡೆಯುತ್ತಿರುವ ಪ್ರತಿಭಟನೆಗೆ ಜೆಡಿಎಸ್ ನಾಯಕರು ಬೆಂಬಲ ಘೋಷಿಸಿದರು. ರಾಜ್ಯ ಸರ್ಕಾರ 2021ರಲ್ಲಿ 402 ಪಿಎಸ್‌ಐ ಹುದ್ದೆಗಳ ನೇಮಕಾತಿಗೆ ಅಧಿಸೂಚನೆ ಹೊರಡಿಸಿತ್ತು.
ಗೃಹ ಸಚಿವ ಪರಮೇಶ್ವರ್ ಅವರು ಕಳೆದ 3 ತಿಂಗಳಿಂದ ಆದೇಶ ನೀಡುವುದಾಗಿ ಹೇಳುತ್ತಿದ್ದಾರೆ. ಆದರೆ ಇದುವರೆಗೂ ನೇಮಕಾತಿ ಪತ್ರ ನೀಡಿಲ್ಲ. ಅಭ್ಯರ್ಥಿಗಳು ಆರ್ಥಿಕ ಸಂಕಷ್ಟಕ್ಕೆ ಸಿಲುಕಿದ್ದಾರೆ. ಕೂಡಲೇ ಸರ್ಕಾರ ನೇಮಕಾತಿ ಪತ್ರ ನೀಡಬೇಕು ಎಂದು ಒತ್ತಾಯಿಸಿದರು. ಈ ಸಂದರ್ಭದಲ್ಲಿ ಜೆಡಿಎಸ್ ಮುಖಂಡರು, ಅಭ್ಯರ್ಥಿಗಳು ಹಾಜರಿದ್ದರು. ನಿಮ್ಮ ಜೊತೆ ನಿಲ್ಲುತ್ತೇವೆ ಎಂದು ಭರವಸೆ ನೀಡಿದರು.
ಇಂಡಿಯಾ ಟುಡೇ ಸಮೀಕ್ಷೆ: ಕರ್ನಾಟಕದ
ಹತ್ತು ಶ್ರೇಷ್ಠ ಕಾಲೇಜುಗಳಿಗೆ ಸ್ಥಾನ
ಬೆಂಗಳೂರು, ಜು.17: ದೇಶದಲ್ಲಿ ವೈದ್ಯಕೀಯ ಶಿಕ್ಷಣ ನೀಡುವಲ್ಲಿ ಮುಂಚೂಣಿಯಲ್ಲಿರುವ ಕರ್ನಾಟಕದ ಹತ್ತು ಶ್ರೇಷ್ಠ ಕಾಲೇಜುಗಳು ಇಂಡಿಯಾ ಟುಡೇ ಸಮೀಕ್ಷೆಯಲ್ಲಿ ಸ್ಥಾನ ಪಡೆದಿವೆ. ದೇಶದ ಪ್ರತಿಷ್ಠಿತ ವೈದ್ಯಕೀಯ ಕಾಲೇಜುಗಳ ಪಟ್ಟಿಯಲ್ಲಿ ರಾಜ್ಯದ ಹಲವು ಕಾಲೇಜುಗಳು ಉತ್ತಮ ಸಾಧನೆ ತೋರಿವೆ. ಶಿಕ್ಷಣದ ಗುಣಮಟ್ಟ, ಮೂಲಸೌಕರ್ಯ, ಸಂಶೋಧನೆ ಹಾಗೂ ಉದ್ಯೋಗಾವಕಾಶಗಳ ಆಧಾರದಲ್ಲಿ ಶ್ರೇಯಾಂಕ ನೀಡಲಾಗಿದೆ. ಮಣಿಪಾಲದ ಕಸ್ತೂರ್ಬಾ ವೈದ್ಯಕೀಯ ಕಾಲೇಜು ಅಗ್ರಸ್ಥಾನ ಪಡೆದಿದೆ. ರಾಜ್ಯದ ಸರ್ಕಾರಿ ಹಾಗೂ ಖಾಸಗಿ ಕಾಲೇಜುಗಳು ಪಟ್ಟಿಯಲ್ಲಿವೆ.
ಮೂಲ ಸೌಕರ್ಯ ಬಗ್ಗೆ ಅಧ್ಯಯನ ನಡೆಸಿ, ಈ ಸಮೀಕ್ಷೆ ನಡೆಸಲಾಗಿದೆ. ಈ ಪಟ್ಟಿಯಲ್ಲಿ ರಾಜ್ಯದ ಹತ್ತು ವೈದ್ಯಕೀಯ ಕಾಲೇಜುಗಳು ಸ್ಥಾನ ಪಡೆದಿವೆ. ಇಂಡಿಯಾ ಟುಡೇ ಪ್ರಕಾರ ಟಾಪ್ ಕಾಲೇಜುಗಳು:
• ಕಸ್ತೂರ್ಬಾ ಮೆಡಿಕಲ್ ಕಾಲೇಜು, ಮಣಿಪಾಲ
• ಬೆಂಗಳೂರು ಮೆಡಿಕಲ್ ಕಾಲೇಜು, ಬೆಂಗಳೂರು
• ಸೇಂಟ್ ಜಾನ್ ಮೆಡಿಕಲ್ ಕಾಲೇಜು, ಬೆಂಗಳೂರು
• ಕಸ್ತೂರ್ಬಾ ಮೆಡಿಕಲ್ ಕಾಲೇಜು, ಮಂಗಳೂರು
• ಮೈಸೂರು ಮೆಡಿಕಲ್ ಕಾಲೇಜು, ಮೈಸೂರು
• ಬೆಳಗಾವಿ ಮೆಡಿಕಲ್ ಕಾಲೇಜು, ಬೆಳಗಾವಿ
• ಎಸ್ ಡಿ ಎಂ ಕಾಲೇಜು, ಧಾರವಾಡ
• ಕೆ.ಎಸ್. ಹೆಗಡೆ ಮೆಡಿಕಲ್ ಅಕಾಡೆಮಿ, ಮಂಗಳೂರು
• ಜವಾಹರಲಾಲ್ ನೆಹರು ಮೆಡಿಕಲ್ ಕಾಲೇಜು, ಬೆಳಗಾವಿ
• ಬಿ.ಎಲ್.ಡಿ.ಇ. ಮೆಡಿಕಲ್ ಕಾಲೇಜು, ವಿಜಯಪುರ
• ಜೆ.ಎಸ್.ಎಸ್. ಮೆಡಿಕಲ್ ಕಾಲೇಜು, ಮೈಸೂರು
